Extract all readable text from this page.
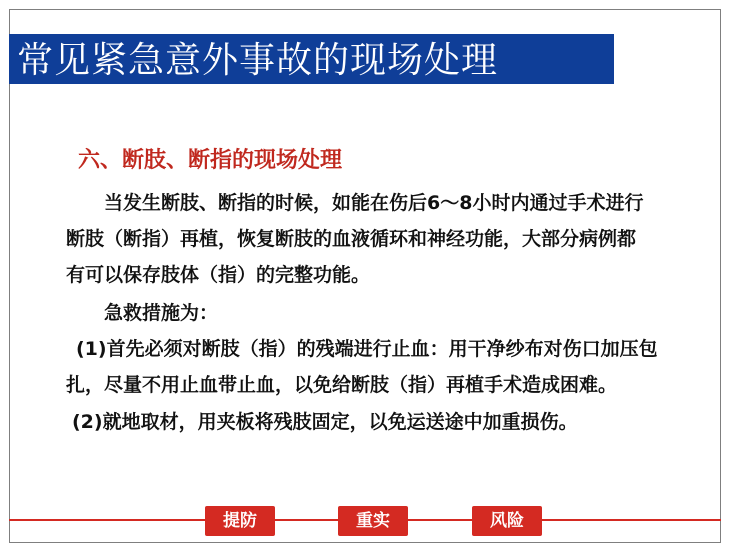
常见紧急意外事故的现场处理
六、断肢、断指的现场处理
当发生断肢、断指的时候，如能在伤后6～8小时内通过手术进行
断肢（断指）再植，恢复断肢的血液循环和神经功能，大部分病例都
有可以保存肢体（指）的完整功能。
急救措施为：
(1)首先必须对断肢（指）的残端进行止血：用干净纱布对伤口加压包
扎，尽量不用止血带止血，以免给断肢（指）再植手术造成困难。
(2)就地取材，用夹板将残肢固定，以免运送途中加重损伤。
提防	重实	风险
